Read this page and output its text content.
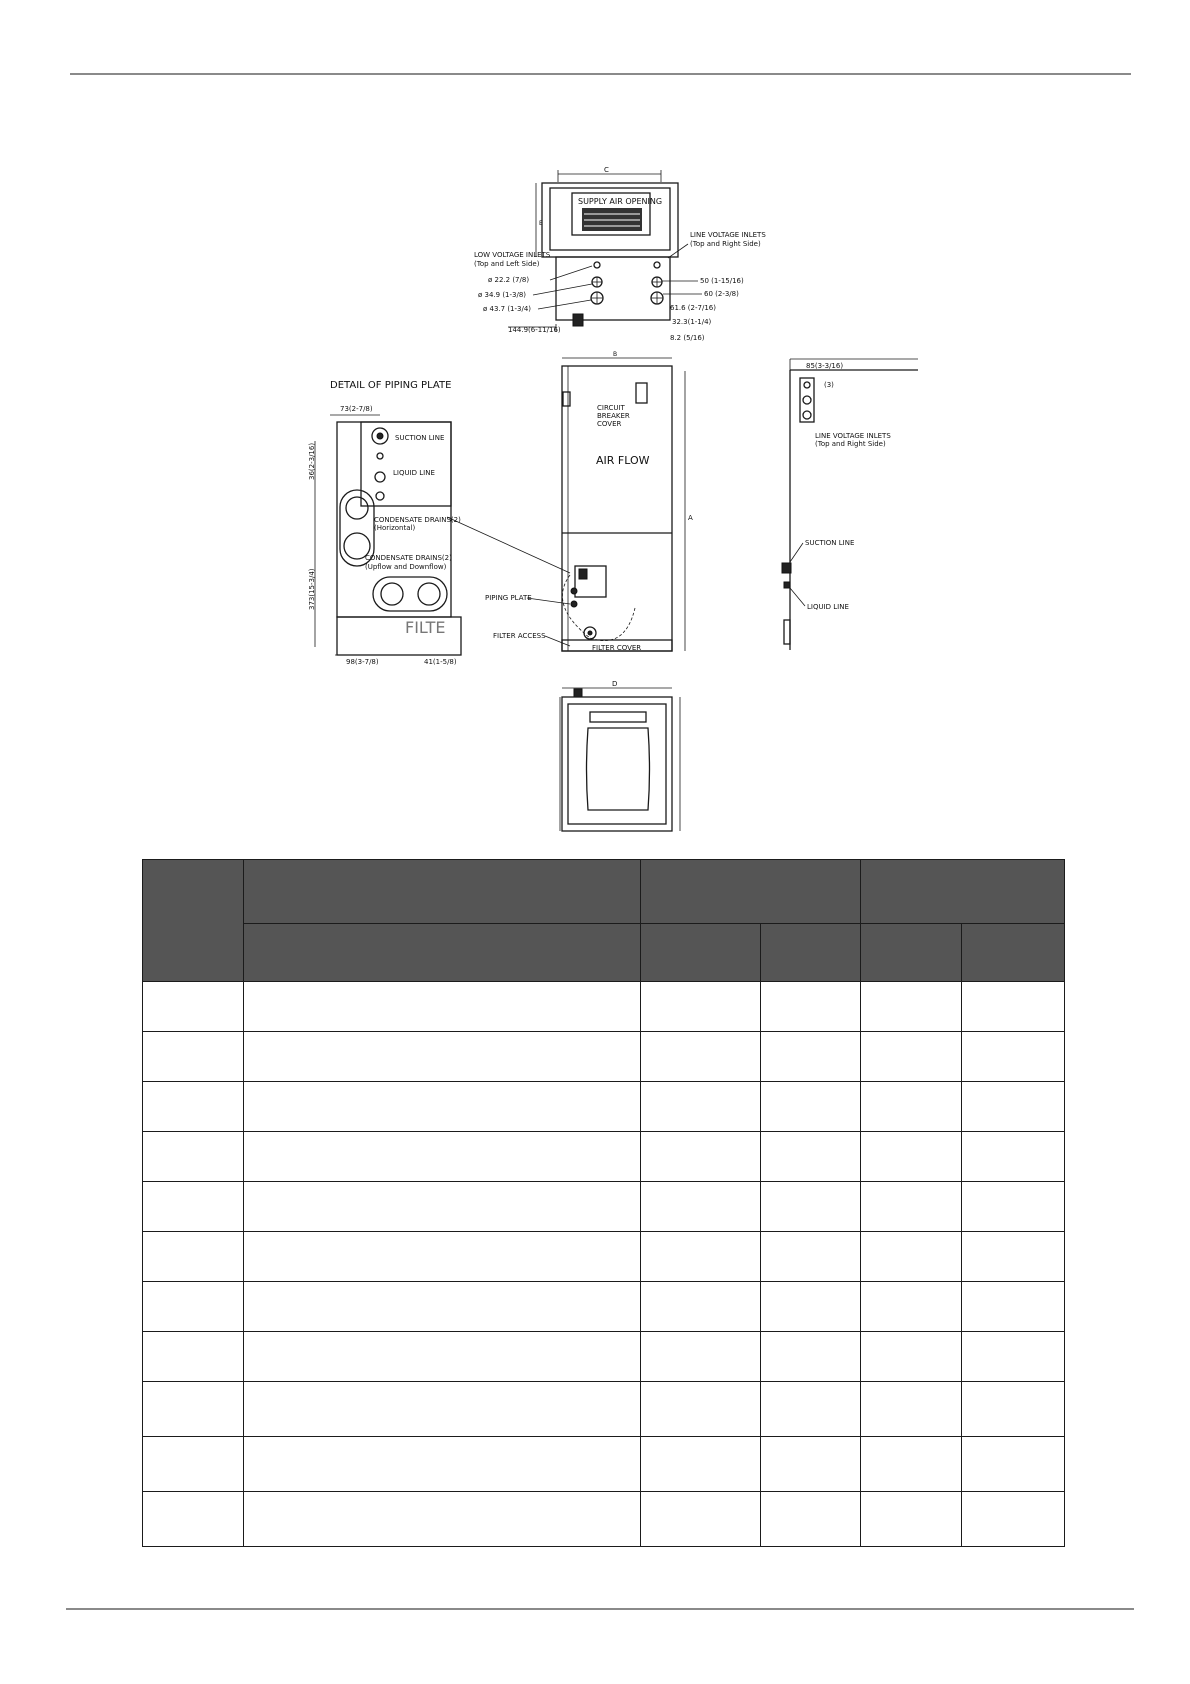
C
E
SUPPLY AIR OPENING
LOW VOLTAGE INLETS
(Top and Left Side)
LINE VOLTAGE INLETS
(Top and Right Side)
ø 22.2 (7/8)
ø 34.9 (1-3/8)
ø 43.7 (1-3/4)
50 (1-15/16)
60 (2-3/8)
61.6 (2-7/16)
144.9(6-11/16)
32.3(1-1/4)
8.2 (5/16)
DETAIL OF PIPING PLATE
73(2-7/8)
SUCTION LINE
LIQUID LINE
CONDENSATE DRAINS(2)
(Horizontal)
CONDENSATE DRAINS(2)
(Upflow and Downflow)
FILTE
36(2-3/16)
373(15-3/4)
98(3-7/8)	41(1-5/8)
B
CIRCUIT
BREAKER
COVER
AIR FLOW
PIPING PLATE
FILTER ACCESS
FILTER COVER
A
85(3-3/16)
(3)
LINE VOLTAGE INLETS
(Top and Right Side)
SUCTION LINE
LIQUID LINE
D
